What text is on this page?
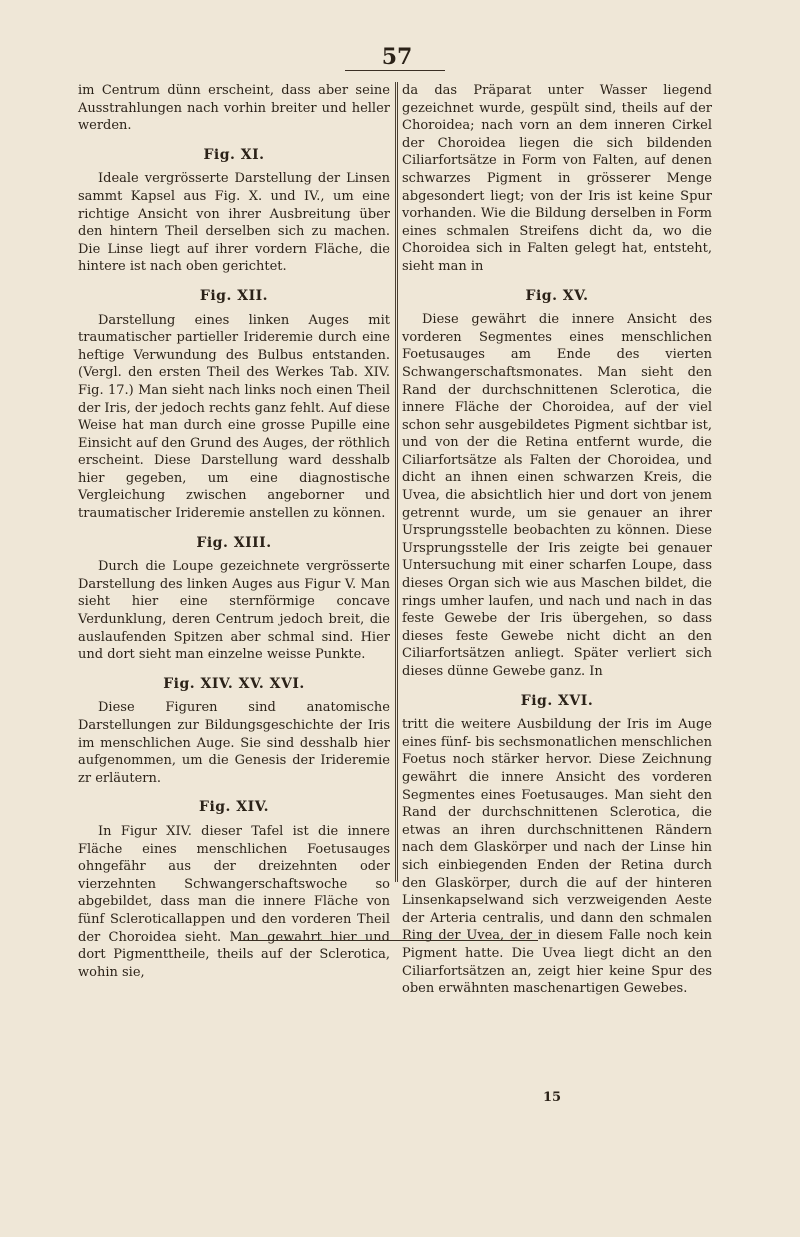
57

im Centrum dünn erscheint, dass aber seine Ausstrahlungen nach vorhin breiter und heller werden.

Fig. XI.

Ideale vergrösserte Darstellung der Linsen sammt Kapsel aus Fig. X. und IV., um eine richtige Ansicht von ihrer Ausbreitung über den hintern Theil derselben sich zu machen. Die Linse liegt auf ihrer vordern Fläche, die hintere ist nach oben gerichtet.

Fig. XII.

Darstellung eines linken Auges mit traumatischer partieller Irideremie durch eine heftige Verwundung des Bulbus entstanden. (Vergl. den ersten Theil des Werkes Tab. XIV. Fig. 17.) Man sieht nach links noch einen Theil der Iris, der jedoch rechts ganz fehlt. Auf diese Weise hat man durch eine grosse Pupille eine Einsicht auf den Grund des Auges, der röthlich erscheint. Diese Darstellung ward desshalb hier gegeben, um eine diagnostische Vergleichung zwischen angeborner und traumatischer Irideremie anstellen zu können.

Fig. XIII.

Durch die Loupe gezeichnete vergrösserte Darstellung des linken Auges aus Figur V. Man sieht hier eine sternförmige concave Verdunklung, deren Centrum jedoch breit, die auslaufenden Spitzen aber schmal sind. Hier und dort sieht man einzelne weisse Punkte.

Fig. XIV. XV. XVI.

Diese Figuren sind anatomische Darstellungen zur Bildungsgeschichte der Iris im menschlichen Auge. Sie sind desshalb hier aufgenommen, um die Genesis der Irideremie zr erläutern.

Fig. XIV.

In Figur XIV. dieser Tafel ist die innere Fläche eines menschlichen Foetusauges ohngefähr aus der dreizehnten oder vierzehnten Schwangerschaftswoche so abgebildet, dass man die innere Fläche von fünf Scleroticallappen und den vorderen Theil der Choroidea sieht. Man gewahrt hier und dort Pigmenttheile, theils auf der Sclerotica, wohin sie,

da das Präparat unter Wasser liegend gezeichnet wurde, gespült sind, theils auf der Choroidea; nach vorn an dem inneren Cirkel der Choroidea liegen die sich bildenden Ciliarfortsätze in Form von Falten, auf denen schwarzes Pigment in grösserer Menge abgesondert liegt; von der Iris ist keine Spur vorhanden. Wie die Bildung derselben in Form eines schmalen Streifens dicht da, wo die Choroidea sich in Falten gelegt hat, entsteht, sieht man in

Fig. XV.

Diese gewährt die innere Ansicht des vorderen Segmentes eines menschlichen Foetusauges am Ende des vierten Schwangerschaftsmonates. Man sieht den Rand der durchschnittenen Sclerotica, die innere Fläche der Choroidea, auf der viel schon sehr ausgebildetes Pigment sichtbar ist, und von der die Retina entfernt wurde, die Ciliarfortsätze als Falten der Choroidea, und dicht an ihnen einen schwarzen Kreis, die Uvea, die absichtlich hier und dort von jenem getrennt wurde, um sie genauer an ihrer Ursprungsstelle beobachten zu können. Diese Ursprungsstelle der Iris zeigte bei genauer Untersuchung mit einer scharfen Loupe, dass dieses Organ sich wie aus Maschen bildet, die rings umher laufen, und nach und nach in das feste Gewebe der Iris übergehen, so dass dieses feste Gewebe nicht dicht an den Ciliarfortsätzen anliegt. Später verliert sich dieses dünne Gewebe ganz. In

Fig. XVI.

tritt die weitere Ausbildung der Iris im Auge eines fünf- bis sechsmonatlichen menschlichen Foetus noch stärker hervor. Diese Zeichnung gewährt die innere Ansicht des vorderen Segmentes eines Foetusauges. Man sieht den Rand der durchschnittenen Sclerotica, die etwas an ihren durchschnittenen Rändern nach dem Glaskörper und nach der Linse hin sich einbiegenden Enden der Retina durch den Glaskörper, durch die auf der hinteren Linsenkapselwand sich verzweigenden Aeste der Arteria centralis, und dann den schmalen Ring der Uvea, der in diesem Falle noch kein Pigment hatte. Die Uvea liegt dicht an den Ciliarfortsätzen an, zeigt hier keine Spur des oben erwähnten maschenartigen Gewebes.

15
